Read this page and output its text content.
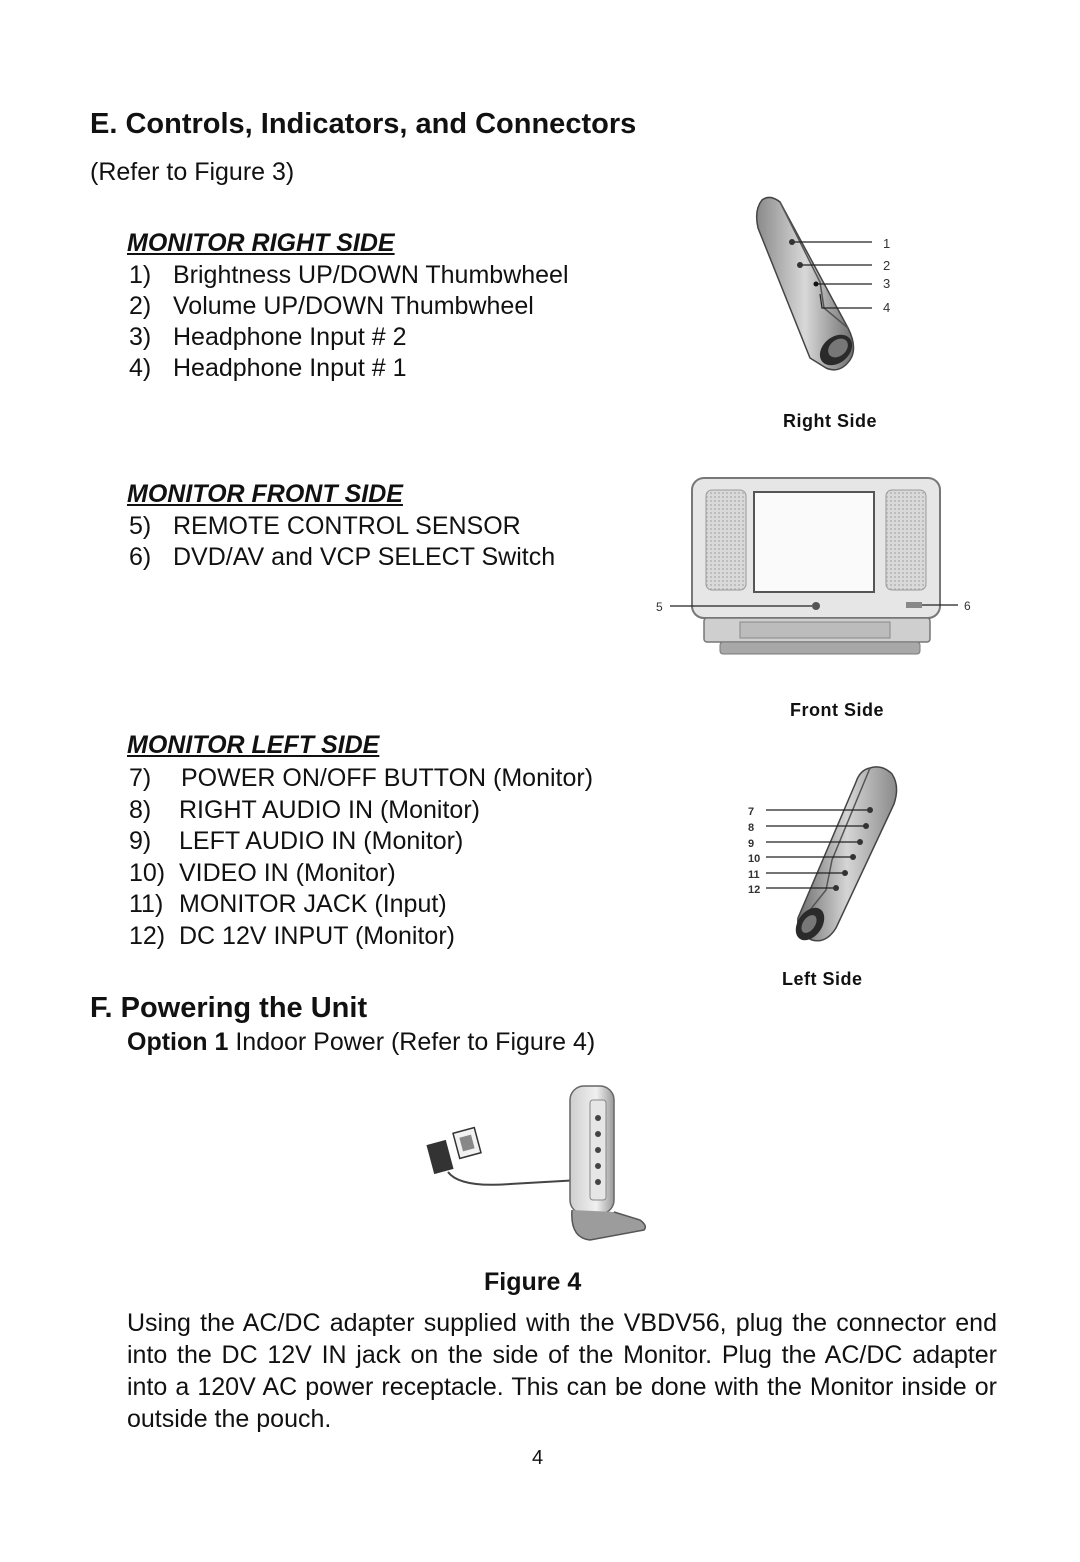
E. Controls, Indicators, and Connectors
(Refer to Figure 3)
MONITOR RIGHT SIDE
1) Brightness UP/DOWN Thumbwheel
2) Volume UP/DOWN Thumbwheel
3) Headphone Input # 2
4) Headphone Input # 1
1
2
3
4
Right Side
MONITOR FRONT SIDE
5) REMOTE CONTROL SENSOR
6) DVD/AV and VCP SELECT Switch
5	6
Front Side
MONITOR LEFT SIDE
7) POWER ON/OFF BUTTON (Monitor)
8) RIGHT AUDIO IN (Monitor)
9) LEFT AUDIO IN (Monitor)
10) VIDEO IN (Monitor)
11) MONITOR JACK (Input)
12) DC 12V INPUT (Monitor)
7
8
9
10
11
12
Left Side
F. Powering the Unit
Option 1 Indoor Power (Refer to Figure 4)
Figure 4
Using the AC/DC adapter supplied with the VBDV56, plug the connector end into the DC 12V IN jack on the side of the Monitor. Plug the AC/DC adapter into a 120V AC power receptacle. This can be done with the Monitor inside or outside the pouch.
4
